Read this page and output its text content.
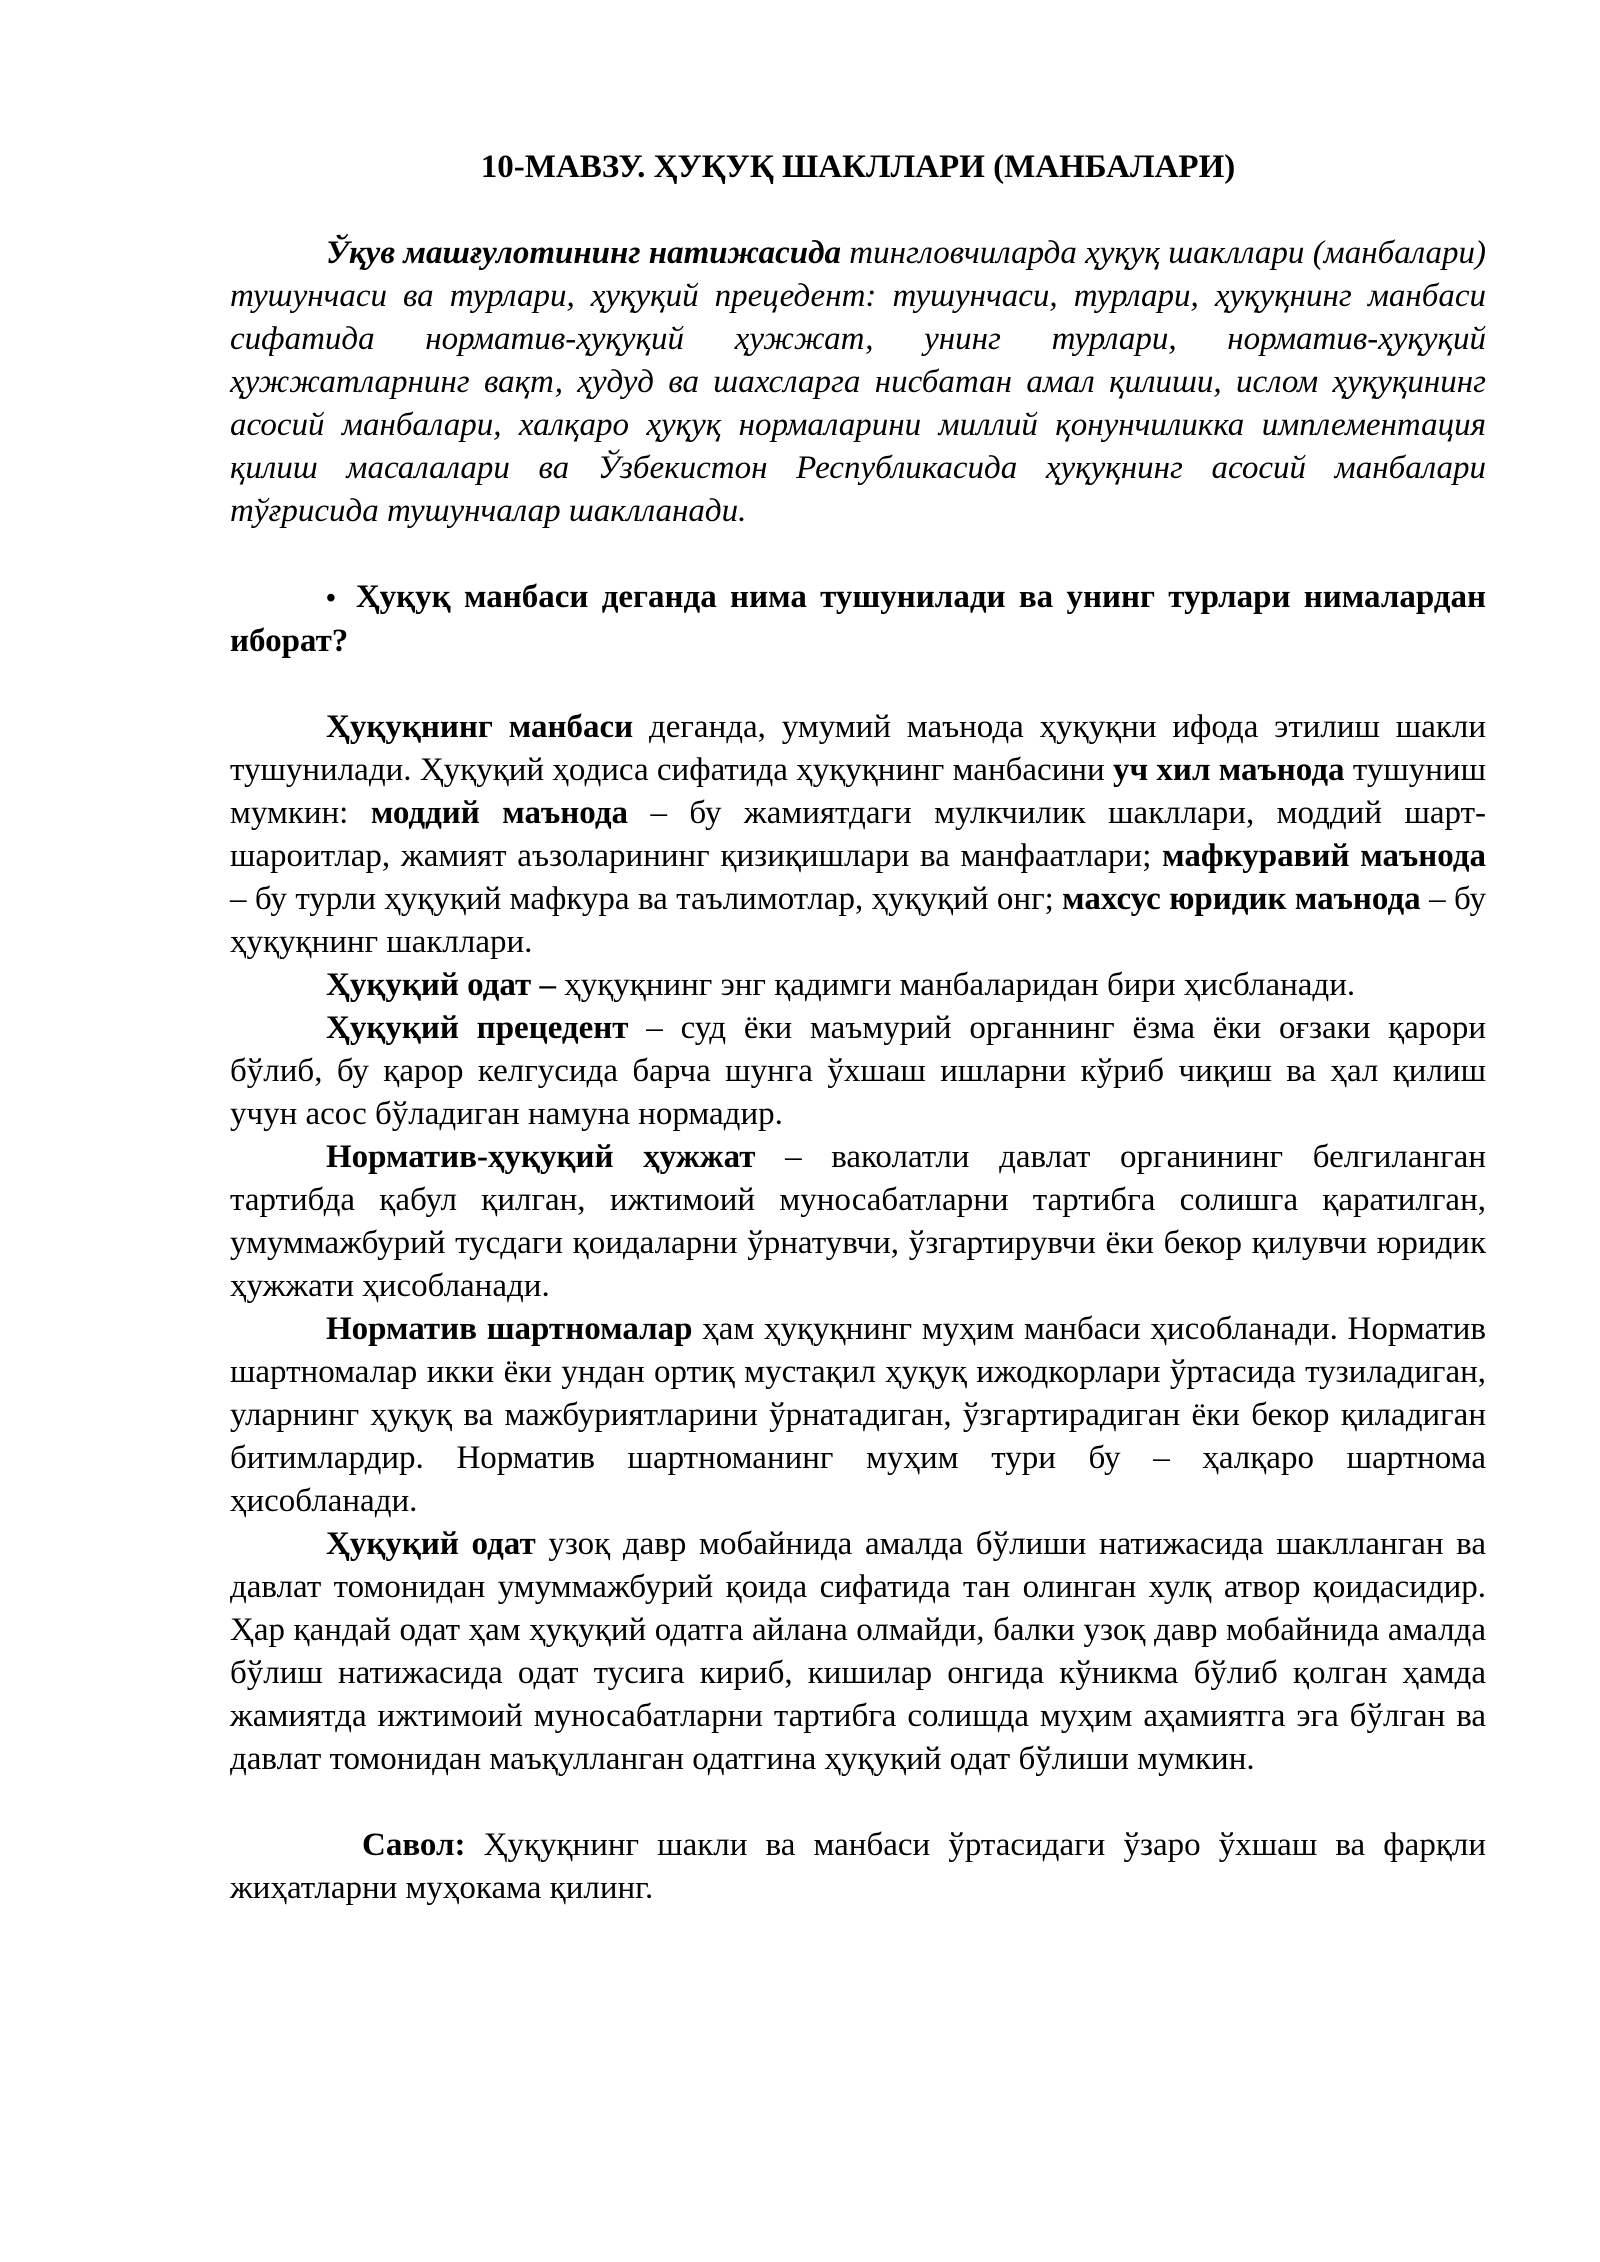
10-МАВЗУ. ҲУҚУҚ ШАКЛЛАРИ (МАНБАЛАРИ)

Ўқув машғулотининг натижасида тингловчиларда ҳуқуқ шакллари (манбалари) тушунчаси ва турлари, ҳуқуқий прецедент: тушунчаси, турлари, ҳуқуқнинг манбаси сифатида норматив-ҳуқуқий ҳужжат, унинг турлари, норматив-ҳуқуқий ҳужжатларнинг вақт, ҳудуд ва шахсларга нисбатан амал қилиши, ислом ҳуқуқининг асосий манбалари, халқаро ҳуқуқ нормаларини миллий қонунчиликка имплементация қилиш масалалари ва Ўзбекистон Республикасида ҳуқуқнинг асосий манбалари тўғрисида тушунчалар шаклланади.

• Ҳуқуқ манбаси деганда нима тушунилади ва унинг турлари нималардан иборат?

Ҳуқуқнинг манбаси деганда, умумий маънода ҳуқуқни ифода этилиш шакли тушунилади. Ҳуқуқий ҳодиса сифатида ҳуқуқнинг манбасини уч хил маънода тушуниш мумкин: моддий маънода – бу жамиятдаги мулкчилик шакллари, моддий шарт-шароитлар, жамият аъзоларининг қизиқишлари ва манфаатлари; мафкуравий маънода – бу турли ҳуқуқий мафкура ва таълимотлар, ҳуқуқий онг; махсус юридик маънода – бу ҳуқуқнинг шакллари.

Ҳуқуқий одат – ҳуқуқнинг энг қадимги манбаларидан бири ҳисбланади.

Ҳуқуқий прецедент – суд ёки маъмурий органнинг ёзма ёки оғзаки қарори бўлиб, бу қарор келгусида барча шунга ўхшаш ишларни кўриб чиқиш ва ҳал қилиш учун асос бўладиган намуна нормадир.

Норматив-ҳуқуқий ҳужжат – ваколатли давлат органининг белгиланган тартибда қабул қилган, ижтимоий муносабатларни тартибга солишга қаратилган, умуммажбурий тусдаги қоидаларни ўрнатувчи, ўзгартирувчи ёки бекор қилувчи юридик ҳужжати ҳисобланади.

Норматив шартномалар ҳам ҳуқуқнинг муҳим манбаси ҳисобланади. Норматив шартномалар икки ёки ундан ортиқ мустақил ҳуқуқ ижодкорлари ўртасида тузиладиган, уларнинг ҳуқуқ ва мажбуриятларини ўрнатадиган, ўзгартирадиган ёки бекор қиладиган битимлардир. Норматив шартноманинг муҳим тури бу – ҳалқаро шартнома ҳисобланади.

Ҳуқуқий одат узоқ давр мобайнида амалда бўлиши натижасида шаклланган ва давлат томонидан умуммажбурий қоида сифатида тан олинган хулқ атвор қоидасидир. Ҳар қандай одат ҳам ҳуқуқий одатга айлана олмайди, балки узоқ давр мобайнида амалда бўлиш натижасида одат тусига кириб, кишилар онгида кўникма бўлиб қолган ҳамда жамиятда ижтимоий муносабатларни тартибга солишда муҳим аҳамиятга эга бўлган ва давлат томонидан маъқулланган одатгина ҳуқуқий одат бўлиши мумкин.

Савол: Ҳуқуқнинг шакли ва манбаси ўртасидаги ўзаро ўхшаш ва фарқли жиҳатларни муҳокама қилинг.
